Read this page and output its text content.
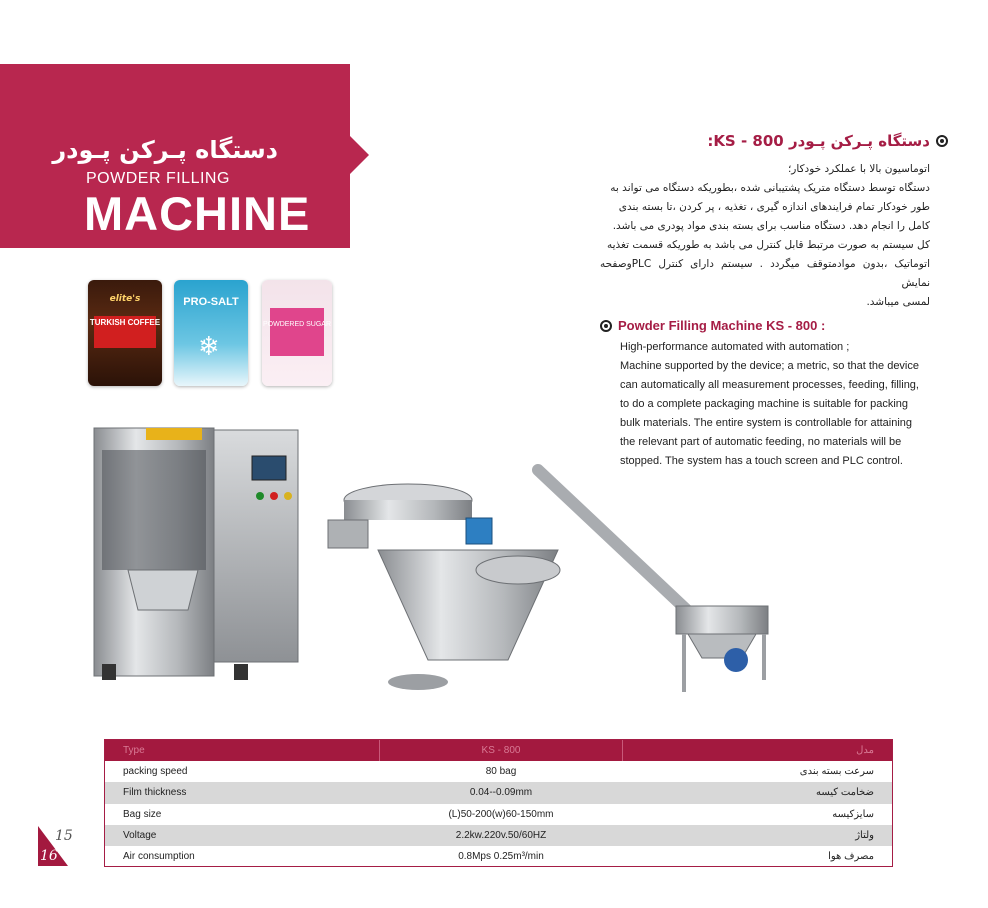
دستگاه پـرکن پـودر
POWDER FILLING
MACHINE
دستگاه پـرکن پـودر 800 - KS:

اتوماسیون بالا با عملکرد خودکار؛

دستگاه توسط دستگاه متریک پشتیبانی شده ،بطوریکه دستگاه می تواند به

طور خودکار تمام فرایندهای اندازه گیری ، تغذیه ، پر کردن ،تا بسته بندی

کامل را انجام دهد. دستگاه مناسب برای بسته بندی مواد پودری می باشد.

کل سیستم به صورت مرتبط قابل کنترل می باشد به طوریکه قسمت تغذیه

اتوماتیک ،بدون موادمتوقف میگردد . سیستم دارای کنترل PLCوصفحه نمایش

لمسی میباشد.

Powder Filling Machine KS - 800 :

High-performance automated with automation ;

Machine supported by the device; a metric, so that the device

can automatically all measurement processes, feeding, filling,

to do a complete packaging machine is suitable for packing

bulk materials. The entire system is controllable for attaining

the relevant part of automatic feeding, no materials will be

stopped. The system has a touch screen and PLC control.

elite's
TURKISH COFFEE
PRO-SALT
❄
POWDERED SUGAR
Type	KS - 800	مدل
packing speed	80 bag	سرعت بسته بندی
Film thickness	0.04--0.09mm	ضخامت کیسه
Bag size	(L)50-200(w)60-150mm	سایزکیسه
Voltage	2.2kw.220v.50/60HZ	ولتاژ
Air consumption	0.8Mps 0.25m³/min	مصرف هوا
15
16
